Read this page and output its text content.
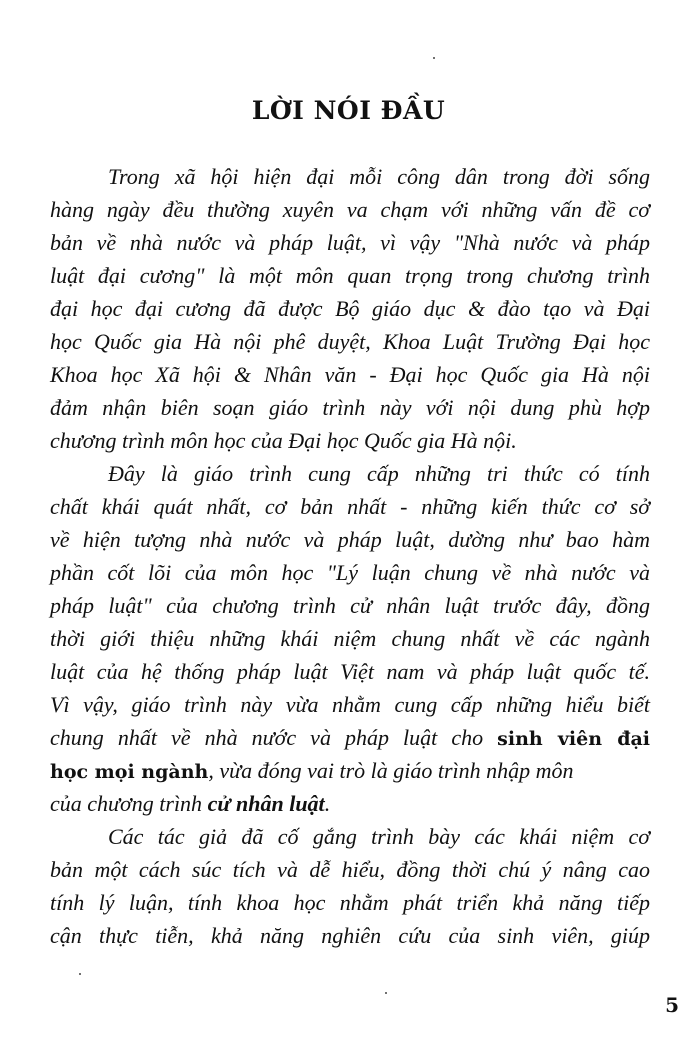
LỜI NÓI ĐẦU
Trong xã hội hiện đại mỗi công dân trong đời sống
hàng ngày đều thường xuyên va chạm với những vấn đề cơ
bản về nhà nước và pháp luật, vì vậy "Nhà nước và pháp
luật đại cương" là một môn quan trọng trong chương trình
đại học đại cương đã được Bộ giáo dục & đào tạo và Đại
học Quốc gia Hà nội phê duyệt, Khoa Luật Trường Đại học
Khoa học Xã hội & Nhân văn - Đại học Quốc gia Hà nội
đảm nhận biên soạn giáo trình này với nội dung phù hợp
chương trình môn học của Đại học Quốc gia Hà nội.
Đây là giáo trình cung cấp những tri thức có tính
chất khái quát nhất, cơ bản nhất - những kiến thức cơ sở
về hiện tượng nhà nước và pháp luật, dường như bao hàm
phần cốt lõi của môn học "Lý luận chung về nhà nước và
pháp luật" của chương trình cử nhân luật trước đây, đồng
thời giới thiệu những khái niệm chung nhất về các ngành
luật của hệ thống pháp luật Việt nam và pháp luật quốc tế.
Vì vậy, giáo trình này vừa nhằm cung cấp những hiểu biết
chung nhất về nhà nước và pháp luật cho sinh viên đại
học mọi ngành, vừa đóng vai trò là giáo trình nhập môn
của chương trình cử nhân luật.
Các tác giả đã cố gắng trình bày các khái niệm cơ
bản một cách súc tích và dễ hiểu, đồng thời chú ý nâng cao
tính lý luận, tính khoa học nhằm phát triển khả năng tiếp
cận thực tiễn, khả năng nghiên cứu của sinh viên, giúp
5
